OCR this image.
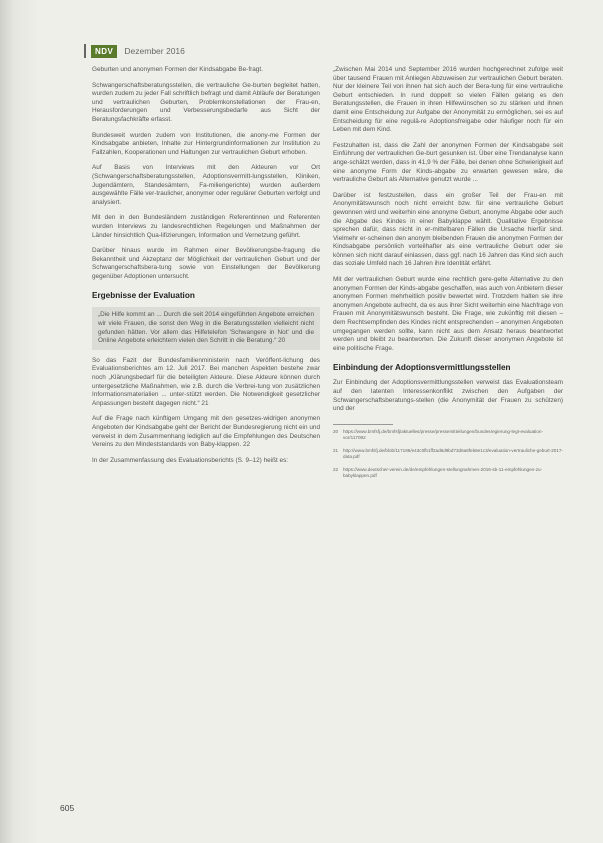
NDV	Dezember 2016

Geburten und anonymen Formen der Kindsabgabe Be-fragt.

Schwangerschaftsberatungsstellen, die vertrauliche Ge-burten begleitet hatten, wurden zudem zu jeder Fall schriftlich befragt und damit Abläufe der Beratungen und vertraulichen Geburten, Problemkonstellationen der Frau-en, Herausforderungen und Verbesserungsbedarfe aus Sicht der Beratungsfachkräfte erfasst.

Bundesweit wurden zudem von Institutionen, die anony-me Formen der Kindsabgabe anbieten, Inhalte zur Hintergrundinformationen zur Institution zu Fallzahlen, Kooperationen und Haltungen zur vertraulichen Geburt erhoben.

Auf Basis von Interviews mit den Akteuren vor Ort (Schwangerschaftsberatungsstellen, Adoptionsvermitt-lungsstellen, Kliniken, Jugendämtern, Standesämtern, Fa-miliengerichte) wurden außerdem ausgewählte Fälle ver-traulicher, anonymer oder regulärer Geburten verfolgt und analysiert.

Mit den in den Bundesländern zuständigen Referentinnen und Referenten wurden Interviews zu landesrechtlichen Regelungen und Maßnahmen der Länder hinsichtlich Qua-lifizierungen, Information und Vernetzung geführt.

Darüber hinaus wurde im Rahmen einer Bevölkerungsbe-fragung die Bekanntheit und Akzeptanz der Möglichkeit der vertraulichen Geburt und der Schwangerschaftsbera-tung sowie von Einstellungen der Bevölkerung gegenüber Adoptionen untersucht.

Ergebnisse der Evaluation

„Die Hilfe kommt an ... Durch die seit 2014 eingeführten Angebote erreichen wir viele Frauen, die sonst den Weg in die Beratungsstellen vielleicht nicht gefunden hätten. Vor allem das Hilfetelefon 'Schwangere in Not' und die Online Angebote erleichtern vielen den Schritt in die Beratung.“ 20

So das Fazit der Bundesfamilienministerin nach Veröffent-lichung des Evaluationsberichtes am 12. Juli 2017. Bei manchen Aspekten bestehe zwar noch „Klärungsbedarf für die beteiligten Akteure. Diese Akteure können durch untergesetzliche Maßnahmen, wie z.B. durch die Verbrei-tung von zusätzlichen Informationsmaterialien ... unter-stützt werden. Die Notwendigkeit gesetzlicher Anpassungen besteht dagegen nicht.“ 21

Auf die Frage nach künftigem Umgang mit den gesetzes-widrigen anonymen Angeboten der Kindsabgabe geht der Bericht der Bundesregierung nicht ein und verweist in dem Zusammenhang lediglich auf die Empfehlungen des Deutschen Vereins zu den Mindeststandards von Baby-klappen. 22

In der Zusammenfassung des Evaluationsberichts (S. 9–12) heißt es:

„Zwischen Mai 2014 und September 2016 wurden hochgerechnet zufolge weit über tausend Frauen mit Anliegen Abzuweisen zur vertraulichen Geburt beraten. Nur der kleinere Teil von ihnen hat sich auch der Bera-tung für eine vertrauliche Geburt entschieden. In rund doppelt so vielen Fällen gelang es den Beratungsstellen, die Frauen in ihren Hilfewünschen so zu stärken und ihnen damit eine Entscheidung zur Aufgabe der Anonymität zu ermöglichen, sei es auf Entscheidung für eine regulä-re Adoptionsfreigabe oder häufiger noch für ein Leben mit dem Kind.

Festzuhalten ist, dass die Zahl der anonymen Formen der Kindsabgabe seit Einführung der vertraulichen Ge-burt gesunken ist. Über eine Trendanalyse kann ange-schätzt werden, dass in 41,9 % der Fälle, bei denen ohne Schwierigkeit auf eine anonyme Form der Kinds-abgabe zu erwarten gewesen wäre, die vertrauliche Geburt als Alternative genutzt wurde ...

Darüber ist festzustellen, dass ein großer Teil der Frau-en mit Anonymitätswunsch noch nicht erreicht bzw. für eine vertrauliche Geburt gewonnen wird und weiterhin eine anonyme Geburt, anonyme Abgabe oder auch die Abgabe des Kindes in einer Babyklappe wählt. Qualitative Ergebnisse sprechen dafür, dass nicht in er-mittelbaren Fällen die Ursache hierfür sind. Vielmehr er-scheinen den anonym bleibenden Frauen die anonymen Formen der Kindsabgabe persönlich vorteilhafter als eine vertrauliche Geburt oder sie können sich nicht darauf einlassen, dass ggf. nach 16 Jahren das Kind sich auch das soziale Umfeld nach 16 Jahren ihre Identität erfährt.

Mit der vertraulichen Geburt wurde eine rechtlich gere-gelte Alternative zu den anonymen Formen der Kinds-abgabe geschaffen, was auch von Anbietern dieser anonymen Formen mehrheitlich positiv bewertet wird. Trotzdem halten sie ihre anonymen Angebote aufrecht, da es aus ihrer Sicht weiterhin eine Nachfrage von Frauen mit Anonymitätswunsch besteht. Die Frage, wie zukünftig mit diesen – dem Rechtsempfinden des Kindes nicht entsprechenden – anonymen Angeboten umgegangen werden sollte, kann nicht aus dem Ansatz heraus beantwortet werden und bleibt zu beantworten. Die Zukunft dieser anonymen Angebote ist eine politische Frage.

Einbindung der Adoptionsvermittlungsstellen

Zur Einbindung der Adoptionsvermittlungsstellen verweist das Evaluationsteam auf den latenten Interessenkonflikt zwischen den Aufgaben der Schwangerschaftsberatungs-stellen (die Anonymität der Frauen zu schützen) und der

20	https://www.bmfsfj.de/bmfsfj/aktuelles/presse/pressemitteilungen/bundesregierung-legt-evaluation-vor/117082

21	http://www.bmfsfj.de/blob/117186/e43c0fb1ff2ad6d9bd73d6a6feb6e1c3/evaluation-vertrauliche-geburt-2017-data.pdf

22	https://www.deutscher-verein.de/de/empfehlungen-stellungnahmen-2016-sb-11-empfehlungen-zu-babyklappen.pdf

605
